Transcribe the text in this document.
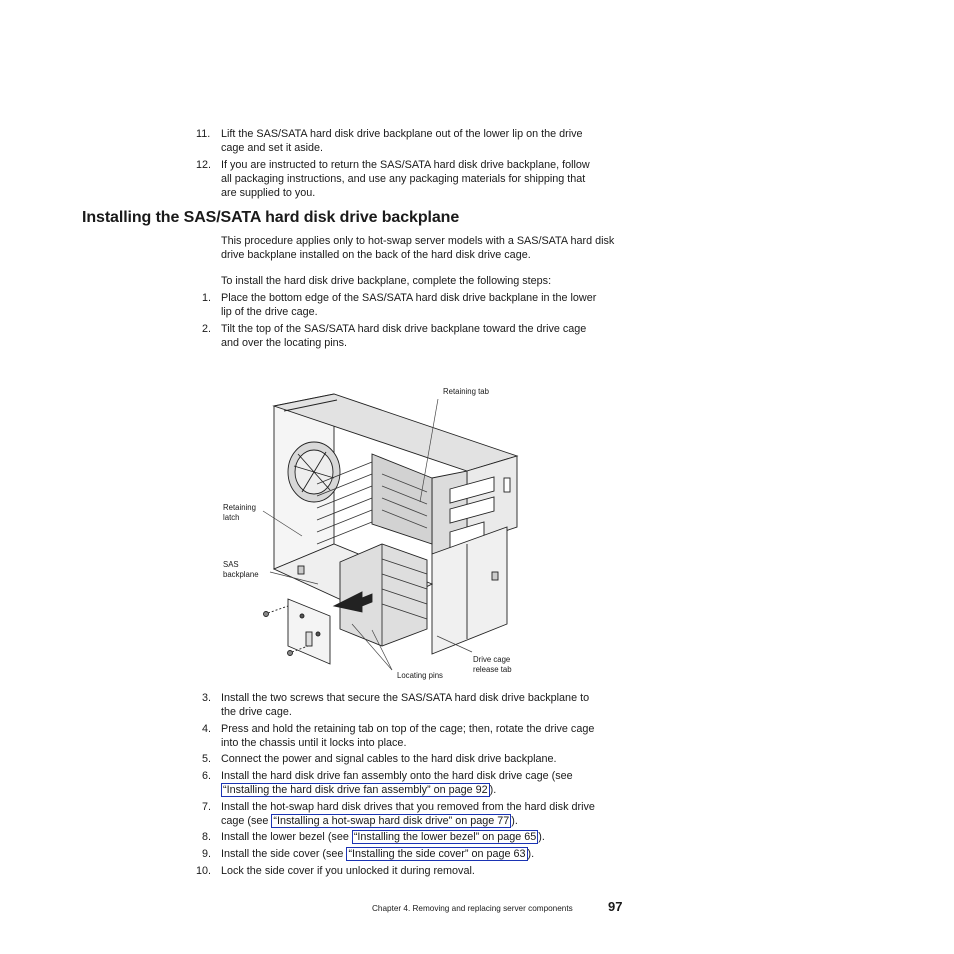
11. Lift the SAS/SATA hard disk drive backplane out of the lower lip on the drive
cage and set it aside.
12. If you are instructed to return the SAS/SATA hard disk drive backplane, follow
all packaging instructions, and use any packaging materials for shipping that
are supplied to you.
Installing the SAS/SATA hard disk drive backplane
This procedure applies only to hot-swap server models with a SAS/SATA hard disk
drive backplane installed on the back of the hard disk drive cage.
To install the hard disk drive backplane, complete the following steps:
1. Place the bottom edge of the SAS/SATA hard disk drive backplane in the lower
lip of the drive cage.
2. Tilt the top of the SAS/SATA hard disk drive backplane toward the drive cage
and over the locating pins.
Retaining tab
Retaining
latch
SAS
backplane
Drive cage
release tab
Locating pins
3. Install the two screws that secure the SAS/SATA hard disk drive backplane to
the drive cage.
4. Press and hold the retaining tab on top of the cage; then, rotate the drive cage
into the chassis until it locks into place.
5. Connect the power and signal cables to the hard disk drive backplane.
6. Install the hard disk drive fan assembly onto the hard disk drive cage (see
“Installing the hard disk drive fan assembly” on page 92 ).
7. Install the hot-swap hard disk drives that you removed from the hard disk drive
cage (see “Installing a hot-swap hard disk drive” on page 77 ).
8. Install the lower bezel (see “Installing the lower bezel” on page 65 ).
9. Install the side cover (see “Installing the side cover” on page 63 ).
10. Lock the side cover if you unlocked it during removal.
Chapter 4. Removing and replacing server components	97
